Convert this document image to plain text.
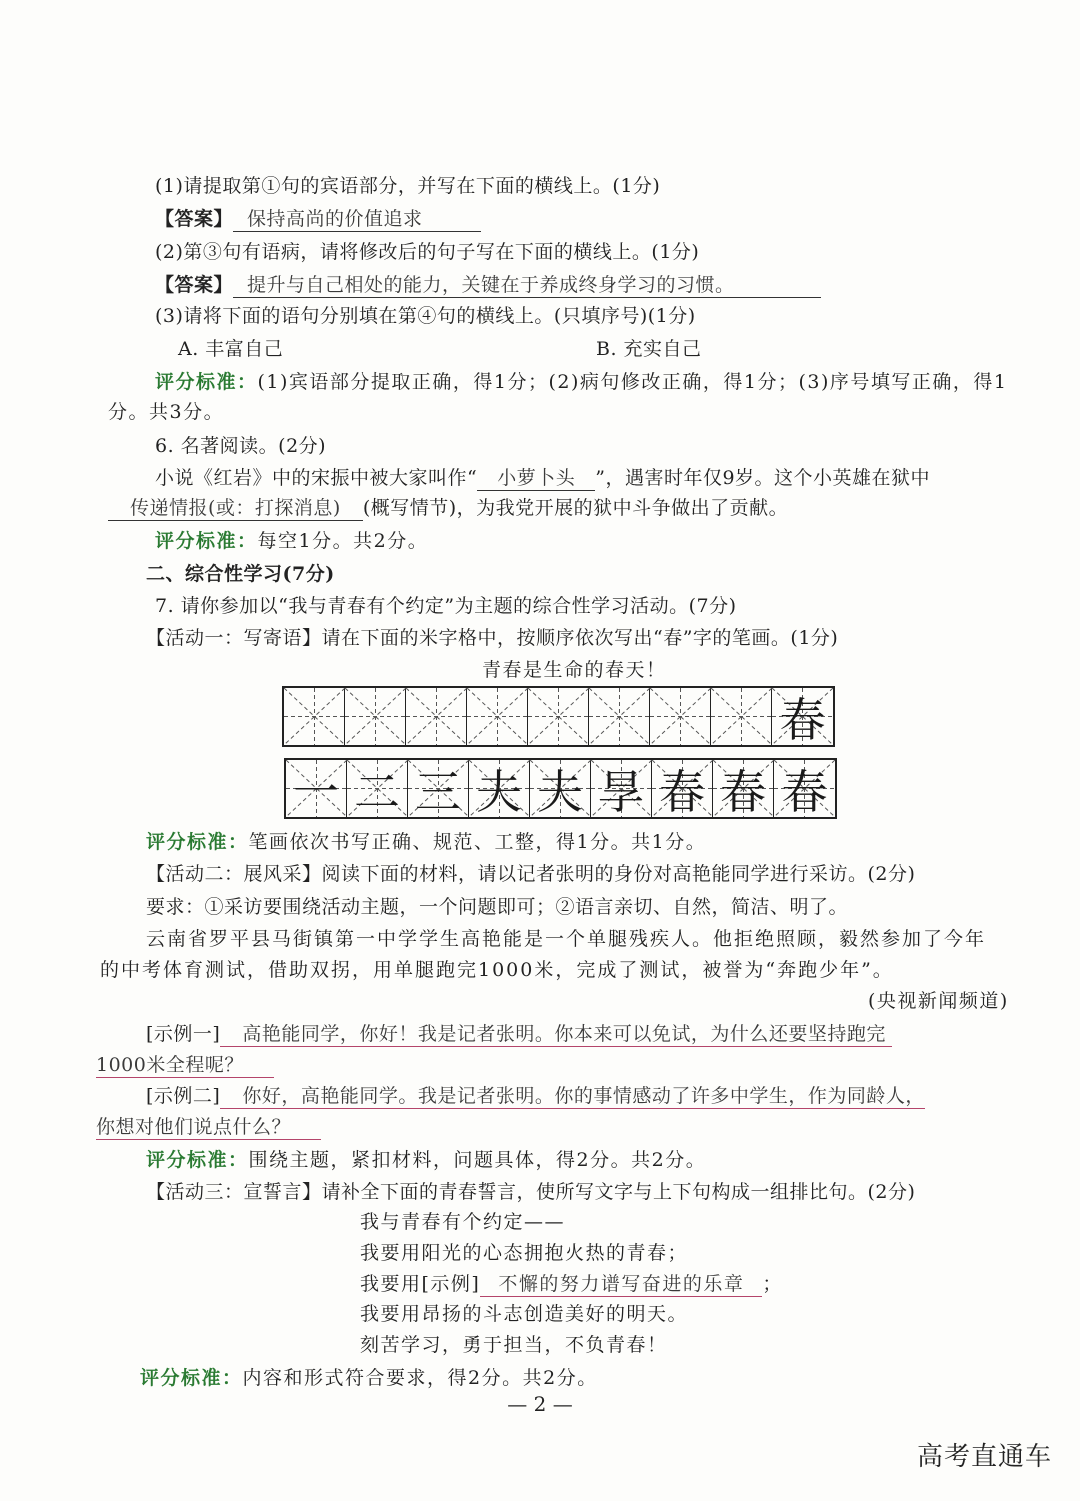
(1)请提取第①句的宾语部分，并写在下面的横线上。(1分)
【答案】 保持高尚的价值追求
(2)第③句有语病，请将修改后的句子写在下面的横线上。(1分)
【答案】 提升与自己相处的能力，关键在于养成终身学习的习惯。
(3)请将下面的语句分别填在第④句的横线上。(只填序号)(1分)
A. 丰富自己	B. 充实自己
评分标准：(1)宾语部分提取正确，得1分；(2)病句修改正确，得1分；(3)序号填写正确，得1
分。共3分。
6. 名著阅读。(2分)
小说《红岩》中的宋振中被大家叫作“ 小萝卜头 ”，遇害时年仅9岁。这个小英雄在狱中
传递情报(或：打探消息) (概写情节)，为我党开展的狱中斗争做出了贡献。
评分标准：每空1分。共2分。
二、综合性学习(7分)
7. 请你参加以“我与青春有个约定”为主题的综合性学习活动。(7分)
【活动一：写寄语】请在下面的米字格中，按顺序依次写出“春”字的笔画。(1分)
青春是生命的春天！
春
一 二 三 夫 夫 㫗 春 春 春
评分标准：笔画依次书写正确、规范、工整，得1分。共1分。
【活动二：展风采】阅读下面的材料，请以记者张明的身份对高艳能同学进行采访。(2分)
要求：①采访要围绕活动主题，一个问题即可；②语言亲切、自然，简洁、明了。
云南省罗平县马街镇第一中学学生高艳能是一个单腿残疾人。他拒绝照顾，毅然参加了今年
的中考体育测试，借助双拐，用单腿跑完1000米，完成了测试，被誉为“奔跑少年”。
(央视新闻频道)
[示例一] 高艳能同学，你好！我是记者张明。你本来可以免试，为什么还要坚持跑完
1000米全程呢？
[示例二] 你好，高艳能同学。我是记者张明。你的事情感动了许多中学生，作为同龄人，
你想对他们说点什么？
评分标准：围绕主题，紧扣材料，问题具体，得2分。共2分。
【活动三：宣誓言】请补全下面的青春誓言，使所写文字与上下句构成一组排比句。(2分)
我与青春有个约定——
我要用阳光的心态拥抱火热的青春；
我要用[示例] 不懈的努力谱写奋进的乐章 ；
我要用昂扬的斗志创造美好的明天。
刻苦学习，勇于担当，不负青春！
评分标准：内容和形式符合要求，得2分。共2分。
— 2 —
高考直通车
